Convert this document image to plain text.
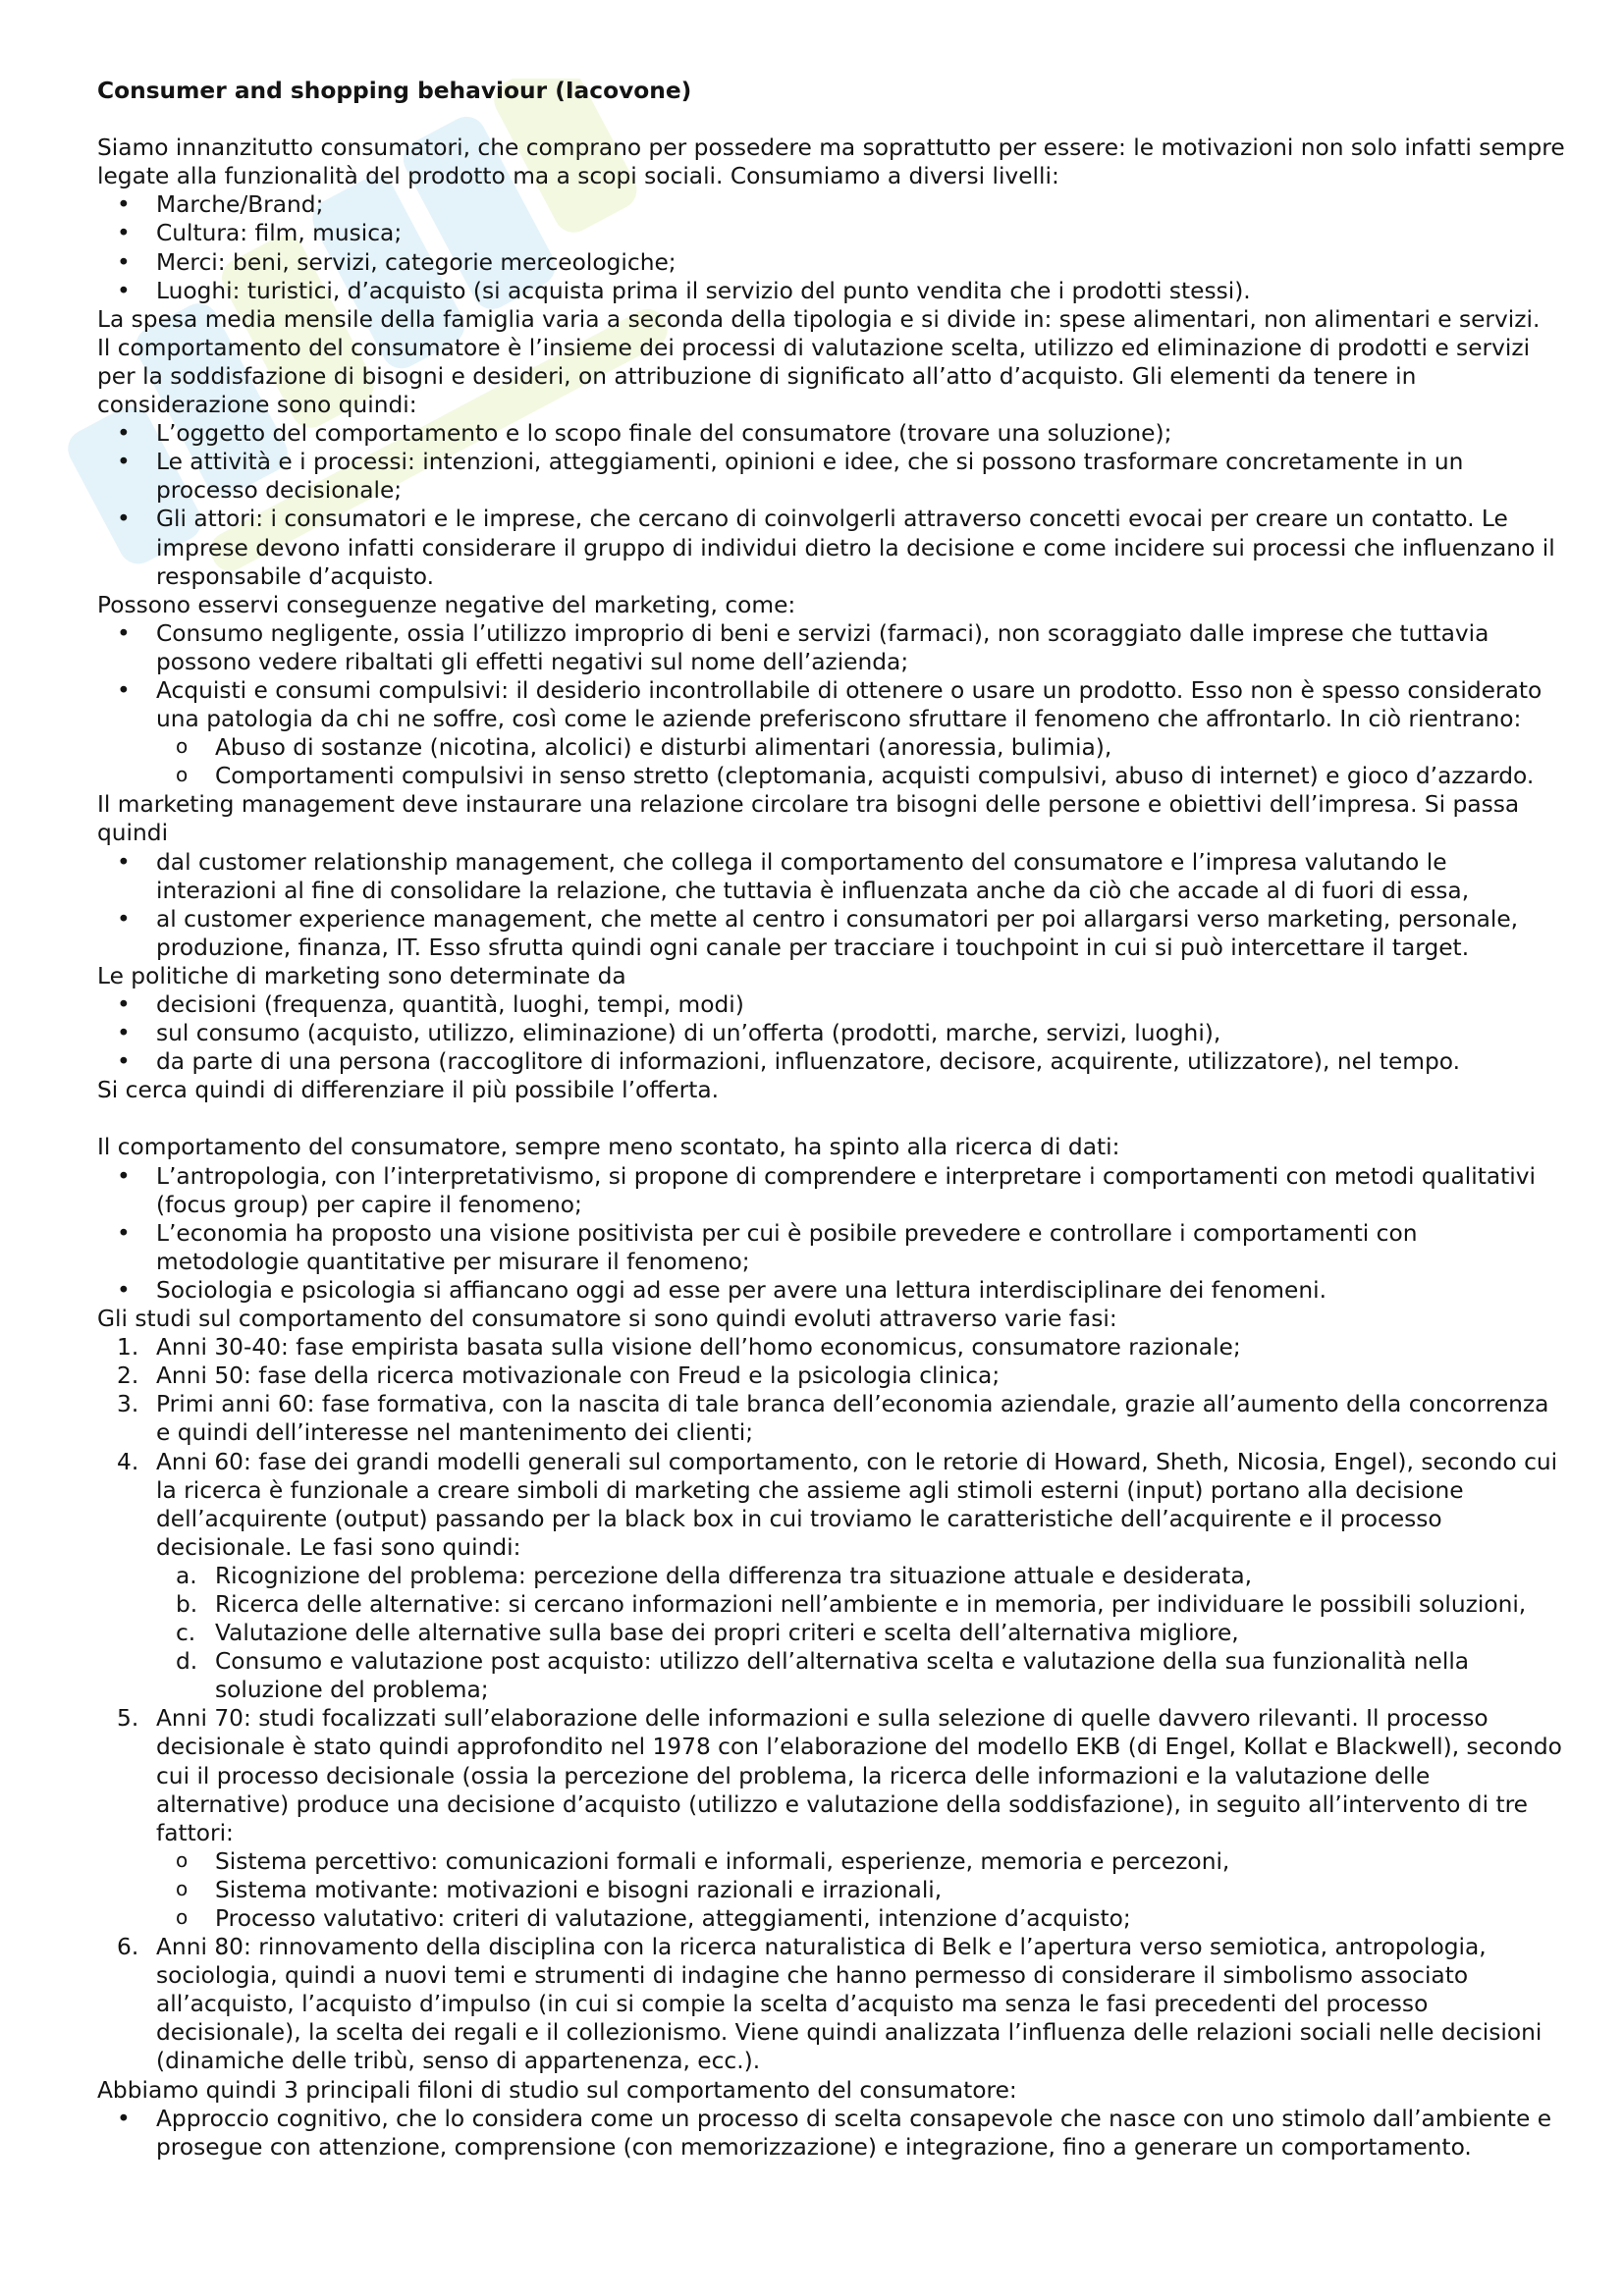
Consumer and shopping behaviour (Iacovone)

Siamo innanzitutto consumatori, che comprano per possedere ma soprattutto per essere: le motivazioni non solo infatti sempre legate alla funzionalità del prodotto ma a scopi sociali. Consumiamo a diversi livelli:

• Marche/Brand;
• Cultura: film, musica;
• Merci: beni, servizi, categorie merceologiche;
• Luoghi: turistici, d’acquisto (si acquista prima il servizio del punto vendita che i prodotti stessi).

La spesa media mensile della famiglia varia a seconda della tipologia e si divide in: spese alimentari, non alimentari e servizi.

Il comportamento del consumatore è l’insieme dei processi di valutazione scelta, utilizzo ed eliminazione di prodotti e servizi per la soddisfazione di bisogni e desideri, on attribuzione di significato all’atto d’acquisto. Gli elementi da tenere in considerazione sono quindi:

• L’oggetto del comportamento e lo scopo finale del consumatore (trovare una soluzione);
• Le attività e i processi: intenzioni, atteggiamenti, opinioni e idee, che si possono trasformare concretamente in un processo decisionale;
• Gli attori: i consumatori e le imprese, che cercano di coinvolgerli attraverso concetti evocai per creare un contatto. Le imprese devono infatti considerare il gruppo di individui dietro la decisione e come incidere sui processi che influenzano il responsabile d’acquisto.

Possono esservi conseguenze negative del marketing, come:

• Consumo negligente, ossia l’utilizzo improprio di beni e servizi (farmaci), non scoraggiato dalle imprese che tuttavia possono vedere ribaltati gli effetti negativi sul nome dell’azienda;
• Acquisti e consumi compulsivi: il desiderio incontrollabile di ottenere o usare un prodotto. Esso non è spesso considerato una patologia da chi ne soffre, così come le aziende preferiscono sfruttare il fenomeno che affrontarlo. In ciò rientrano:
o Abuso di sostanze (nicotina, alcolici) e disturbi alimentari (anoressia, bulimia),
o Comportamenti compulsivi in senso stretto (cleptomania, acquisti compulsivi, abuso di internet) e gioco d’azzardo.

Il marketing management deve instaurare una relazione circolare tra bisogni delle persone e obiettivi dell’impresa. Si passa quindi

• dal customer relationship management, che collega il comportamento del consumatore e l’impresa valutando le interazioni al fine di consolidare la relazione, che tuttavia è influenzata anche da ciò che accade al di fuori di essa,
• al customer experience management, che mette al centro i consumatori per poi allargarsi verso marketing, personale, produzione, finanza, IT. Esso sfrutta quindi ogni canale per tracciare i touchpoint in cui si può intercettare il target.

Le politiche di marketing sono determinate da

• decisioni (frequenza, quantità, luoghi, tempi, modi)
• sul consumo (acquisto, utilizzo, eliminazione) di un’offerta (prodotti, marche, servizi, luoghi),
• da parte di una persona (raccoglitore di informazioni, influenzatore, decisore, acquirente, utilizzatore), nel tempo.

Si cerca quindi di differenziare il più possibile l’offerta.

Il comportamento del consumatore, sempre meno scontato, ha spinto alla ricerca di dati:

• L’antropologia, con l’interpretativismo, si propone di comprendere e interpretare i comportamenti con metodi qualitativi (focus group) per capire il fenomeno;
• L’economia ha proposto una visione positivista per cui è posibile prevedere e controllare i comportamenti con metodologie quantitative per misurare il fenomeno;
• Sociologia e psicologia si affiancano oggi ad esse per avere una lettura interdisciplinare dei fenomeni.

Gli studi sul comportamento del consumatore si sono quindi evoluti attraverso varie fasi:

1. Anni 30-40: fase empirista basata sulla visione dell’homo economicus, consumatore razionale;
2. Anni 50: fase della ricerca motivazionale con Freud e la psicologia clinica;
3. Primi anni 60: fase formativa, con la nascita di tale branca dell’economia aziendale, grazie all’aumento della concorrenza e quindi dell’interesse nel mantenimento dei clienti;
4. Anni 60: fase dei grandi modelli generali sul comportamento, con le retorie di Howard, Sheth, Nicosia, Engel), secondo cui la ricerca è funzionale a creare simboli di marketing che assieme agli stimoli esterni (input) portano alla decisione dell’acquirente (output) passando per la black box in cui troviamo le caratteristiche dell’acquirente e il processo decisionale. Le fasi sono quindi:
a. Ricognizione del problema: percezione della differenza tra situazione attuale e desiderata,
b. Ricerca delle alternative: si cercano informazioni nell’ambiente e in memoria, per individuare le possibili soluzioni,
c. Valutazione delle alternative sulla base dei propri criteri e scelta dell’alternativa migliore,
d. Consumo e valutazione post acquisto: utilizzo dell’alternativa scelta e valutazione della sua funzionalità nella soluzione del problema;
5. Anni 70: studi focalizzati sull’elaborazione delle informazioni e sulla selezione di quelle davvero rilevanti. Il processo decisionale è stato quindi approfondito nel 1978 con l’elaborazione del modello EKB (di Engel, Kollat e Blackwell), secondo cui il processo decisionale (ossia la percezione del problema, la ricerca delle informazioni e la valutazione delle alternative) produce una decisione d’acquisto (utilizzo e valutazione della soddisfazione), in seguito all’intervento di tre fattori:
o Sistema percettivo: comunicazioni formali e informali, esperienze, memoria e percezoni,
o Sistema motivante: motivazioni e bisogni razionali e irrazionali,
o Processo valutativo: criteri di valutazione, atteggiamenti, intenzione d’acquisto;
6. Anni 80: rinnovamento della disciplina con la ricerca naturalistica di Belk e l’apertura verso semiotica, antropologia, sociologia, quindi a nuovi temi e strumenti di indagine che hanno permesso di considerare il simbolismo associato all’acquisto, l’acquisto d’impulso (in cui si compie la scelta d’acquisto ma senza le fasi precedenti del processo decisionale), la scelta dei regali e il collezionismo. Viene quindi analizzata l’influenza delle relazioni sociali nelle decisioni (dinamiche delle tribù, senso di appartenenza, ecc.).

Abbiamo quindi 3 principali filoni di studio sul comportamento del consumatore:

• Approccio cognitivo, che lo considera come un processo di scelta consapevole che nasce con uno stimolo dall’ambiente e prosegue con attenzione, comprensione (con memorizzazione) e integrazione, fino a generare un comportamento.
